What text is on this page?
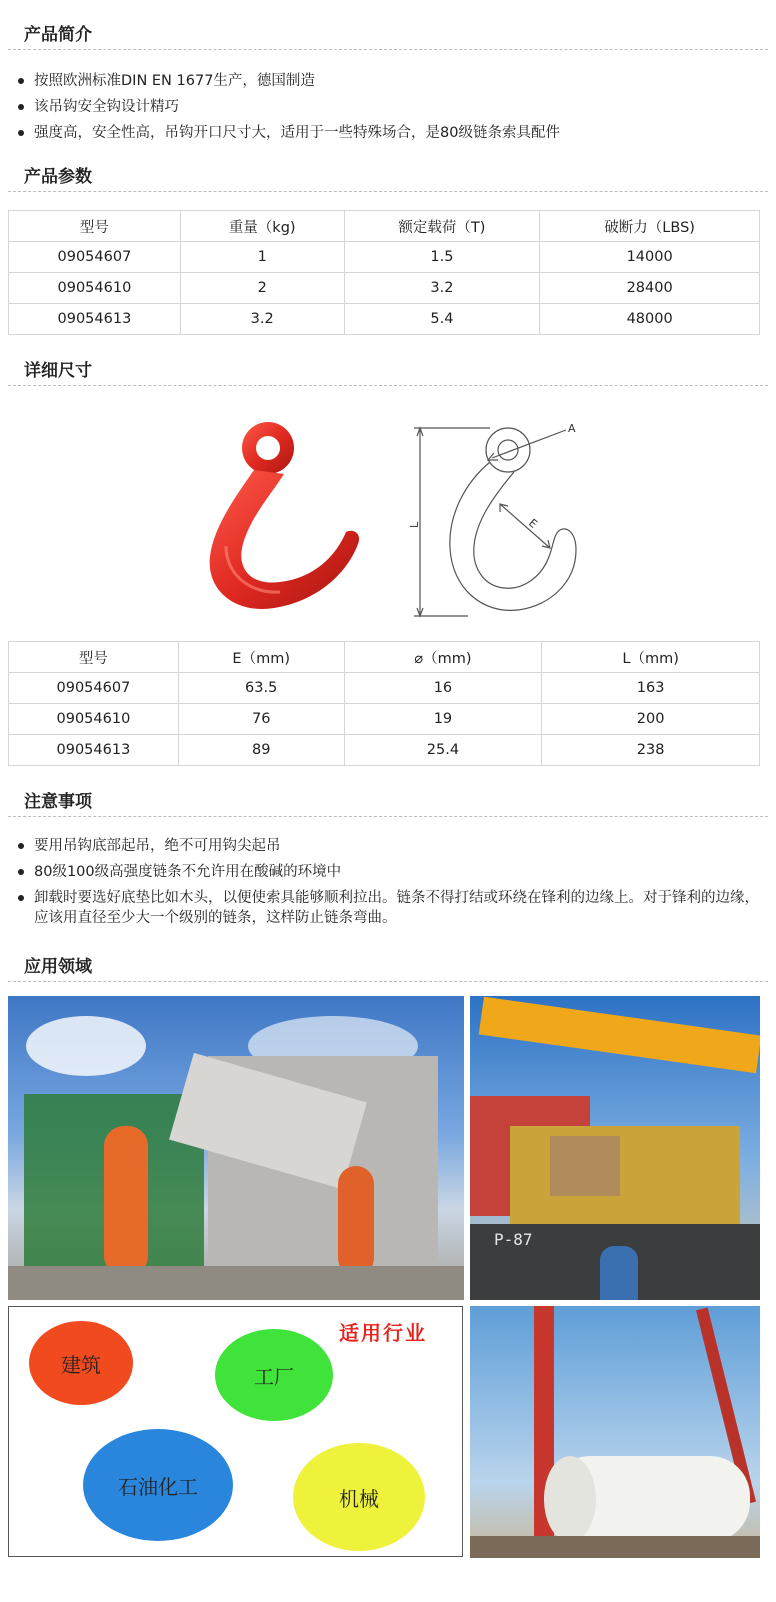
产品简介
按照欧洲标准DIN EN 1677生产，德国制造
该吊钩安全钩设计精巧
强度高，安全性高，吊钩开口尺寸大，适用于一些特殊场合，是80级链条索具配件
产品参数
型号	重量（kg)	额定载荷（T)	破断力（LBS)
09054607	1	1.5	14000
09054610	2	3.2	28400
09054613	3.2	5.4	48000
详细尺寸
A
E
L
型号	E（mm)	⌀（mm)	L（mm)
09054607	63.5	16	163
09054610	76	19	200
09054613	89	25.4	238
注意事项
要用吊钩底部起吊，绝不可用钩尖起吊
80级100级高强度链条不允许用在酸碱的环境中
卸载时要选好底垫比如木头，以便使索具能够顺利拉出。链条不得打结或环绕在锋利的边缘上。对于锋利的边缘，应该用直径至少大一个级别的链条，这样防止链条弯曲。
应用领域
P-87
适用行业
建筑	工厂
石油化工	机械
